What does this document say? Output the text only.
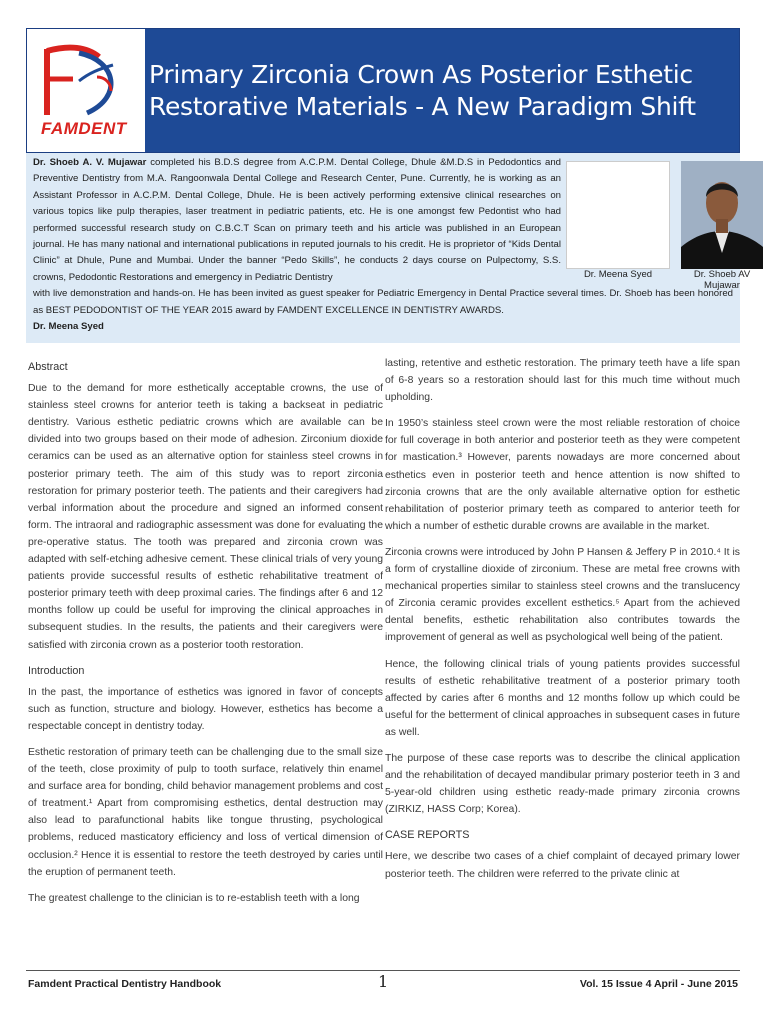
FAMDENT
Primary Zirconia Crown As Posterior Esthetic
Restorative Materials - A New Paradigm Shift
Dr. Shoeb A. V. Mujawar completed his B.D.S degree from A.C.P.M. Dental College, Dhule &M.D.S in Pedodontics and Preventive Dentistry from M.A. Rangoonwala Dental College and Research Center, Pune. Currently, he is working as an Assistant Professor in A.C.P.M. Dental College, Dhule. He is been actively performing extensive clinical researches on various topics like pulp therapies, laser treatment in pediatric patients, etc. He is one amongst few Pedontist who had performed successful research study on C.B.C.T Scan on primary teeth and his article was published in an European journal. He has many national and international publications in reputed journals to his credit. He is proprietor of “Kids Dental Clinic” at Dhule, Pune and Mumbai. Under the banner “Pedo Skills”, he conducts 2 days course on Pulpectomy, S.S. crowns, Pedodontic Restorations and emergency in Pediatric Dentistry
with live demonstration and hands-on. He has been invited as guest speaker for Pediatric Emergency in Dental Practice several times. Dr. Shoeb has been honored as BEST PEDODONTIST OF THE YEAR 2015 award by FAMDENT EXCELLENCE IN DENTISTRY AWARDS.
Dr. Meena Syed
Dr. Meena Syed	Dr. Shoeb AV
Mujawar
Abstract

Due to the demand for more esthetically acceptable crowns, the use of stainless steel crowns for anterior teeth is taking a backseat in pediatric dentistry. Various esthetic pediatric crowns which are available can be divided into two groups based on their mode of adhesion. Zirconium dioxide ceramics can be used as an alternative option for stainless steel crowns in posterior primary teeth. The aim of this study was to report zirconia restoration for primary posterior teeth. The patients and their caregivers had verbal information about the procedure and signed an informed consent form. The intraoral and radiographic assessment was done for evaluating the pre-operative status. The tooth was prepared and zirconia crown was adapted with self-etching adhesive cement. These clinical trials of very young patients provide successful results of esthetic rehabilitative treatment of posterior primary teeth with deep proximal caries. The findings after 6 and 12 months follow up could be useful for improving the clinical approaches in subsequent studies. In the results, the patients and their caregivers were satisfied with zirconia crown as a posterior tooth restoration.

Introduction

In the past, the importance of esthetics was ignored in favor of concepts such as function, structure and biology. However, esthetics has become a respectable concept in dentistry today.

Esthetic restoration of primary teeth can be challenging due to the small size of the teeth, close proximity of pulp to tooth surface, relatively thin enamel and surface area for bonding, child behavior management problems and cost of treatment.¹ Apart from compromising esthetics, dental destruction may also lead to parafunctional habits like tongue thrusting, psychological problems, reduced masticatory efficiency and loss of vertical dimension of occlusion.² Hence it is essential to restore the teeth destroyed by caries until the eruption of permanent teeth.

The greatest challenge to the clinician is to re-establish teeth with a long

lasting, retentive and esthetic restoration. The primary teeth have a life span of 6-8 years so a restoration should last for this much time without much upholding.

In 1950’s stainless steel crown were the most reliable restoration of choice for full coverage in both anterior and posterior teeth as they were competent for mastication.³ However, parents nowadays are more concerned about esthetics even in posterior teeth and hence attention is now shifted to zirconia crowns that are the only available alternative option for esthetic rehabilitation of posterior primary teeth as compared to anterior teeth for which a number of esthetic durable crowns are available in the market.

Zirconia crowns were introduced by John P Hansen & Jeffery P in 2010.⁴ It is a form of crystalline dioxide of zirconium. These are metal free crowns with mechanical properties similar to stainless steel crowns and the translucency of Zirconia ceramic provides excellent esthetics.⁵ Apart from the achieved dental benefits, esthetic rehabilitation also contributes towards the improvement of general as well as psychological well being of the patient.

Hence, the following clinical trials of young patients provides successful results of esthetic rehabilitative treatment of a posterior primary tooth affected by caries after 6 months and 12 months follow up which could be useful for the betterment of clinical approaches in subsequent cases in future as well.

The purpose of these case reports was to describe the clinical application and the rehabilitation of decayed mandibular primary posterior teeth in 3 and 5-year-old children using esthetic ready-made primary zirconia crowns (ZIRKIZ, HASS Corp; Korea).

CASE REPORTS

Here, we describe two cases of a chief complaint of decayed primary lower posterior teeth. The children were referred to the private clinic at

Famdent Practical Dentistry Handbook	1	Vol. 15 Issue 4 April - June 2015
